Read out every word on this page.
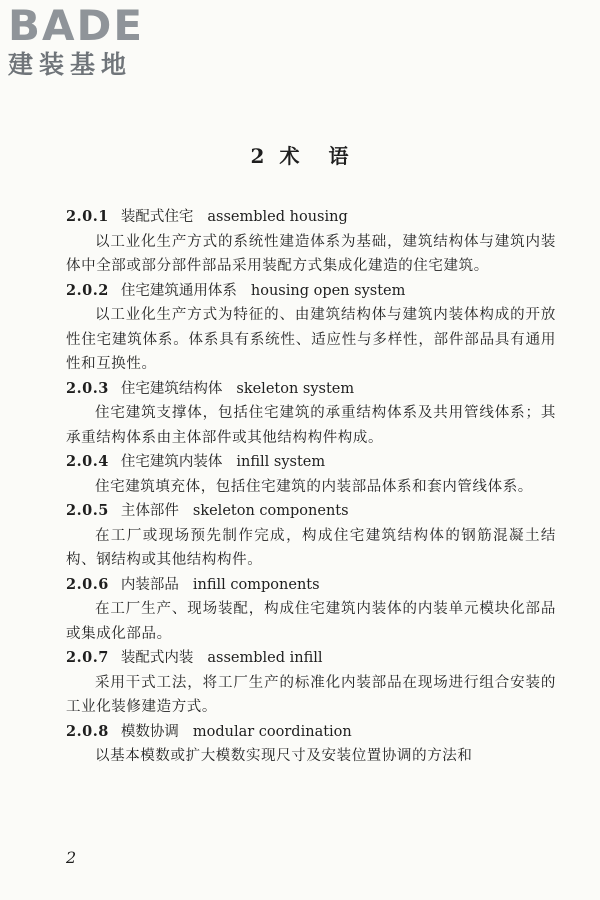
BADE
建装基地
2 术 语
2.0.1 装配式住宅 assembled housing
以工业化生产方式的系统性建造体系为基础，建筑结构体与建筑内装体中全部或部分部件部品采用装配方式集成化建造的住宅建筑。
2.0.2 住宅建筑通用体系 housing open system
以工业化生产方式为特征的、由建筑结构体与建筑内装体构成的开放性住宅建筑体系。体系具有系统性、适应性与多样性，部件部品具有通用性和互换性。
2.0.3 住宅建筑结构体 skeleton system
住宅建筑支撑体，包括住宅建筑的承重结构体系及共用管线体系；其承重结构体系由主体部件或其他结构构件构成。
2.0.4 住宅建筑内装体 infill system
住宅建筑填充体，包括住宅建筑的内装部品体系和套内管线体系。
2.0.5 主体部件 skeleton components
在工厂或现场预先制作完成，构成住宅建筑结构体的钢筋混凝土结构、钢结构或其他结构构件。
2.0.6 内装部品 infill components
在工厂生产、现场装配，构成住宅建筑内装体的内装单元模块化部品或集成化部品。
2.0.7 装配式内装 assembled infill
采用干式工法，将工厂生产的标准化内装部品在现场进行组合安装的工业化装修建造方式。
2.0.8 模数协调 modular coordination
以基本模数或扩大模数实现尺寸及安装位置协调的方法和
2
